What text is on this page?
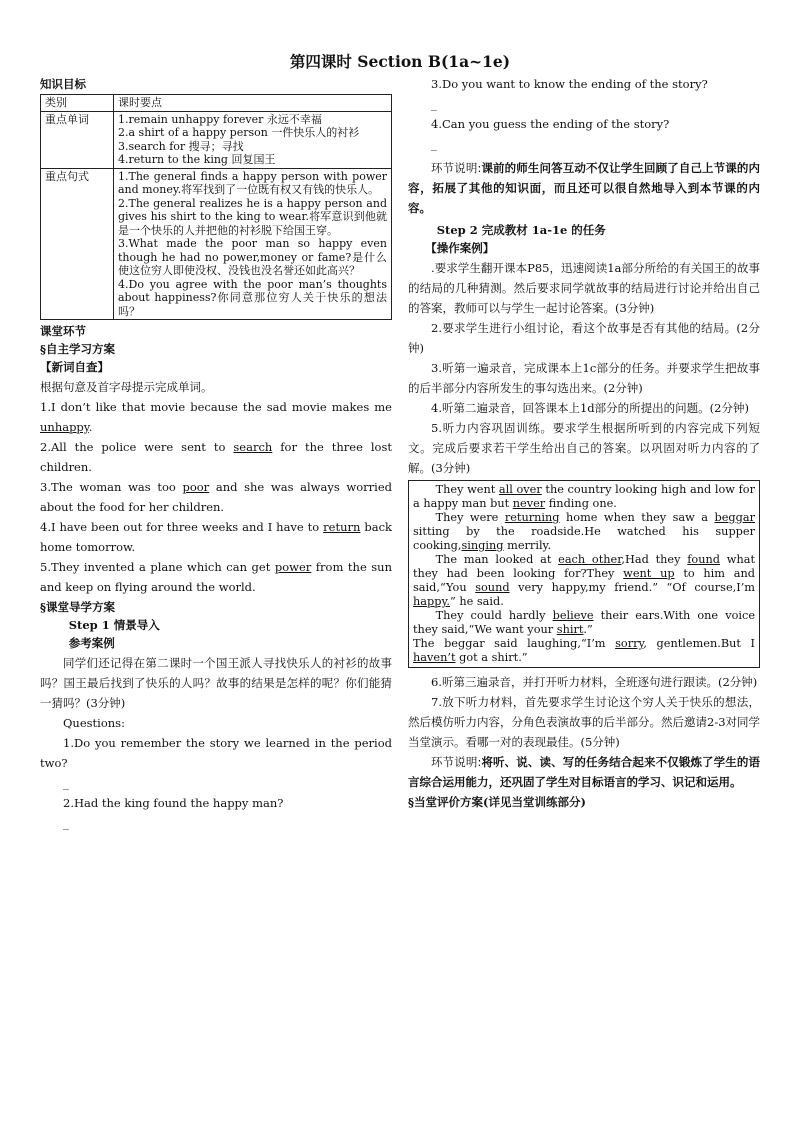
第四课时 Section B(1a~1e)
知识目标
类别	课时要点
重点单词	1.remain unhappy forever 永远不幸福
2.a shirt of a happy person 一件快乐人的衬衫
3.search for 搜寻；寻找
4.return to the king 回复国王

重点句式	1.The general finds a happy person with power and money.将军找到了一位既有权又有钱的快乐人。
2.The general realizes he is a happy person and gives his shirt to the king to wear.将军意识到他就是一个快乐的人并把他的衬衫脱下给国王穿。
3.What made the poor man so happy even though he had no power,money or fame?是什么使这位穷人即使没权、没钱也没名誉还如此高兴？
4.Do you agree with the poor man’s thoughts about happiness?你同意那位穷人关于快乐的想法吗？
课堂环节
§自主学习方案
【新词自查】

根据句意及首字母提示完成单词。

1.I don’t like that movie because the sad movie makes me unhappy.

2.All the police were sent to search for the three lost children.

3.The woman was too poor and she was always worried about the food for her children.

4.I have been out for three weeks and I have to return back home tomorrow.

5.They invented a plane which can get power from the sun and keep on flying around the world.

§课堂导学方案
Step 1 情景导入
参考案例

同学们还记得在第二课时一个国王派人寻找快乐人的衬衫的故事吗？国王最后找到了快乐的人吗？故事的结果是怎样的呢？你们能猜一猜吗？(3分钟)

Questions:

1.Do you remember the story we learned in the period two?

_

2.Had the king found the happy man?

_

3.Do you want to know the ending of the story?

_

4.Can you guess the ending of the story?

_

环节说明:课前的师生问答互动不仅让学生回顾了自己上节课的内容，拓展了其他的知识面，而且还可以很自然地导入到本节课的内容。

Step 2 完成教材 1a-1e 的任务
【操作案例】

.要求学生翻开课本P85，迅速阅读1a部分所给的有关国王的故事的结局的几种猜测。然后要求同学就故事的结局进行讨论并给出自己的答案，教师可以与学生一起讨论答案。(3分钟)

2.要求学生进行小组讨论，看这个故事是否有其他的结局。(2分钟)

3.听第一遍录音，完成课本上1c部分的任务。并要求学生把故事的后半部分内容所发生的事勾选出来。(2分钟)

4.听第二遍录音，回答课本上1d部分的所提出的问题。(2分钟)

5.听力内容巩固训练。要求学生根据所听到的内容完成下列短文。完成后要求若干学生给出自己的答案。以巩固对听力内容的了解。(3分钟)

They went all over the country looking high and low for a happy man but never finding one.

They were returning home when they saw a beggar sitting by the roadside.He watched his supper cooking,singing merrily.

The man looked at each other,Had they found what they had been looking for?They went up to him and said,“You sound very happy,my friend.” “Of course,I’m happy.” he said.

They could hardly believe their ears.With one voice they said,“We want your shirt.”

The beggar said laughing,“I’m sorry, gentlemen.But I haven’t got a shirt.”

6.听第三遍录音，并打开听力材料，全班逐句进行跟读。(2分钟)

7.放下听力材料，首先要求学生讨论这个穷人关于快乐的想法，然后模仿听力内容，分角色表演故事的后半部分。然后邀请2-3对同学当堂演示。看哪一对的表现最佳。(5分钟)

环节说明:将听、说、读、写的任务结合起来不仅锻炼了学生的语言综合运用能力，还巩固了学生对目标语言的学习、识记和运用。

§当堂评价方案(详见当堂训练部分)
